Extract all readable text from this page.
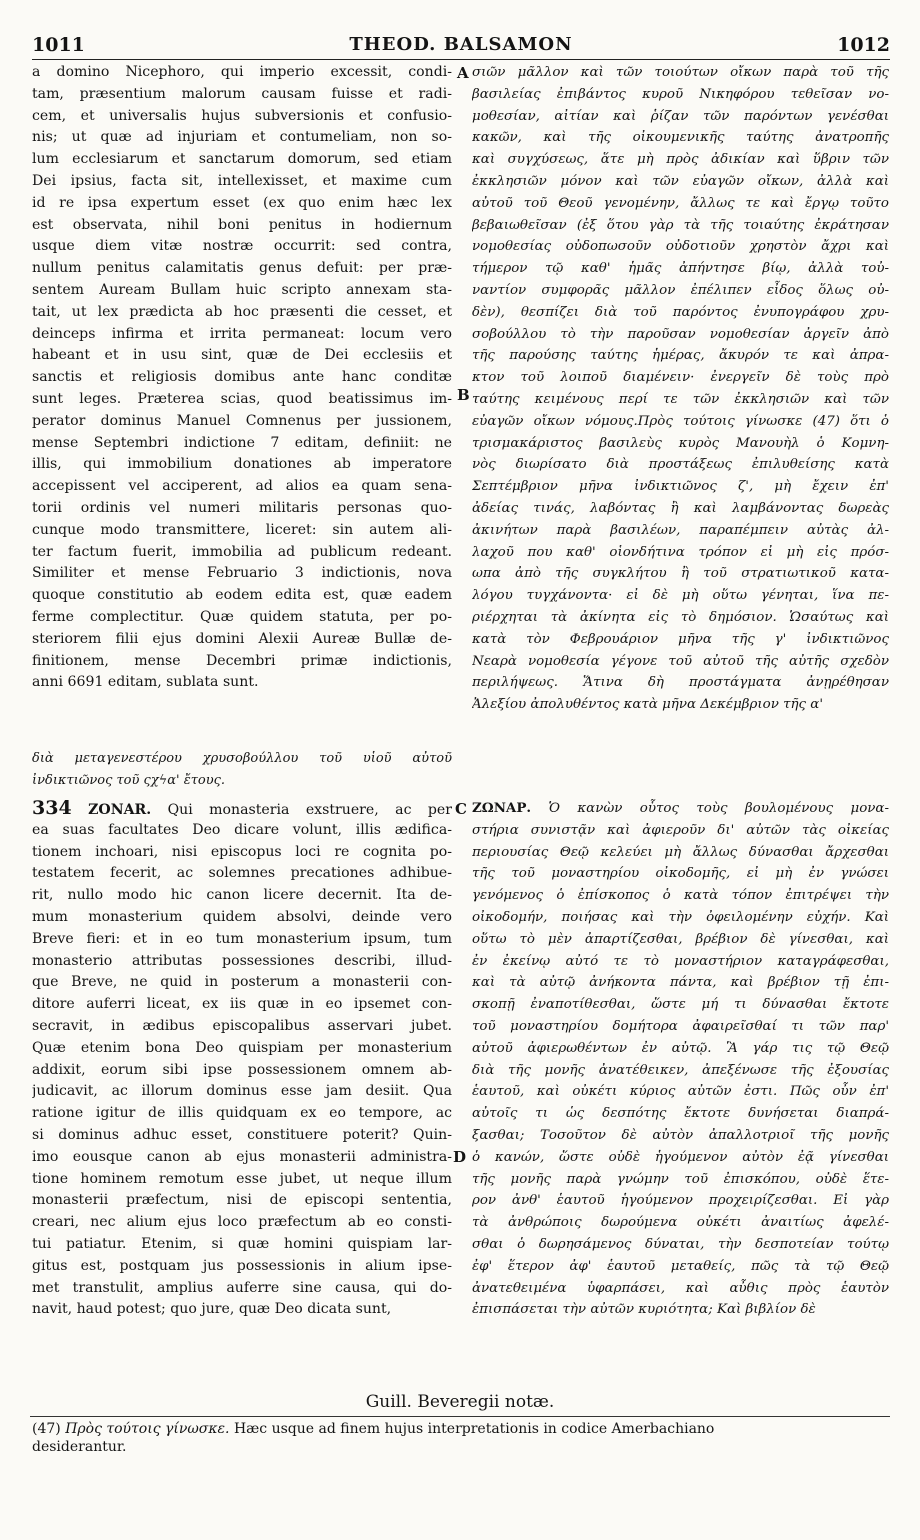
1011	THEOD. BALSAMON	1012
A
B
C
D
a domino Nicephoro, qui imperio excessit, condi-
tam, præsentium malorum causam fuisse et radi-
cem, et universalis hujus subversionis et confusio-
nis; ut quæ ad injuriam et contumeliam, non so-
lum ecclesiarum et sanctarum domorum, sed etiam
Dei ipsius, facta sit, intellexisset, et maxime cum
id re ipsa expertum esset (ex quo enim hæc lex
est observata, nihil boni penitus in hodiernum
usque diem vitæ nostræ occurrit: sed contra,
nullum penitus calamitatis genus defuit: per præ-
sentem Auream Bullam huic scripto annexam sta-
tait, ut lex prædicta ab hoc præsenti die cesset, et
deinceps infirma et irrita permaneat: locum vero
habeant et in usu sint, quæ de Dei ecclesiis et
sanctis et religiosis domibus ante hanc conditæ
sunt leges. Præterea scias, quod beatissimus im-
perator dominus Manuel Comnenus per jussionem,
mense Septembri indictione 7 editam, definiit: ne
illis, qui immobilium donationes ab imperatore
accepissent vel acciperent, ad alios ea quam sena-
torii ordinis vel numeri militaris personas quo-
cunque modo transmittere, liceret: sin autem ali-
ter factum fuerit, immobilia ad publicum redeant.
Similiter et mense Februario 3 indictionis, nova
quoque constitutio ab eodem edita est, quæ eadem
ferme complectitur. Quæ quidem statuta, per po-
steriorem filii ejus domini Alexii Aureæ Bullæ de-
finitionem, mense Decembri primæ indictionis,
anni 6691 editam, sublata sunt.
σιῶν μᾶλλον καὶ τῶν τοιούτων οἴκων παρὰ τοῦ τῆς
βασιλείας ἐπιβάντος κυροῦ Νικηφόρου τεθεῖσαν νο-
μοθεσίαν, αἰτίαν καὶ ῥίζαν τῶν παρόντων γενέσθαι
κακῶν, καὶ τῆς οἰκουμενικῆς ταύτης ἀνατροπῆς
καὶ συγχύσεως, ἅτε μὴ πρὸς ἀδικίαν καὶ ὕβριν τῶν
ἐκκλησιῶν μόνον καὶ τῶν εὐαγῶν οἴκων, ἀλλὰ καὶ
αὐτοῦ τοῦ Θεοῦ γενομένην, ἄλλως τε καὶ ἔργῳ τοῦτο
βεβαιωθεῖσαν (ἐξ ὅτου γὰρ τὰ τῆς τοιαύτης ἐκράτησαν
νομοθεσίας οὐδοπωσοῦν οὐδοτιοῦν χρηστὸν ἄχρι καὶ
τήμερον τῷ καθ' ἡμᾶς ἀπήντησε βίῳ, ἀλλὰ τοὐ-
ναντίον συμφορᾶς μᾶλλον ἐπέλιπεν εἶδος ὅλως οὐ-
δὲν), θεσπίζει διὰ τοῦ παρόντος ἐνυπογράφου χρυ-
σοβούλλου τὸ τὴν παροῦσαν νομοθεσίαν ἀργεῖν ἀπὸ
τῆς παρούσης ταύτης ἡμέρας, ἄκυρόν τε καὶ ἀπρα-
κτον τοῦ λοιποῦ διαμένειν· ἐνεργεῖν δὲ τοὺς πρὸ
ταύτης κειμένους περί τε τῶν ἐκκλησιῶν καὶ τῶν
εὐαγῶν οἴκων νόμους.Πρὸς τούτοις γίνωσκε (47) ὅτι ὁ
τρισμακάριστος βασιλεὺς κυρὸς Μανουὴλ ὁ Κομνη-
νὸς διωρίσατο διὰ προστάξεως ἐπιλυθείσης κατὰ
Σεπτέμβριον μῆνα ἰνδικτιῶνος ζ', μὴ ἔχειν ἐπ'
ἀδείας τινάς, λαβόντας ἢ καὶ λαμβάνοντας δωρεὰς
ἀκινήτων παρὰ βασιλέων, παραπέμπειν αὐτὰς ἀλ-
λαχοῦ που καθ' οἱονδήτινα τρόπον εἰ μὴ εἰς πρόσ-
ωπα ἀπὸ τῆς συγκλήτου ἢ τοῦ στρατιωτικοῦ κατα-
λόγου τυγχάνοντα· εἰ δὲ μὴ οὕτω γένηται, ἵνα πε-
ριέρχηται τὰ ἀκίνητα εἰς τὸ δημόσιον. Ὡσαύτως καὶ
κατὰ τὸν Φεβρουάριον μῆνα τῆς γ' ἰνδικτιῶνος
Νεαρὰ νομοθεσία γέγονε τοῦ αὐτοῦ τῆς αὐτῆς σχεδὸν
περιλήψεως. Ἅτινα δὴ προστάγματα ἀνῃρέθησαν
Ἀλεξίου ἀπολυθέντος κατὰ μῆνα Δεκέμβριον τῆς α'
διὰ μεταγενεστέρου χρυσοβούλλου τοῦ υἱοῦ αὐτοῦ
ἰνδικτιῶνος τοῦ ςχϟα' ἔτους.
334 ZONAR. Qui monasteria exstruere, ac per
ea suas facultates Deo dicare volunt, illis ædifica-
tionem inchoari, nisi episcopus loci re cognita po-
testatem fecerit, ac solemnes precationes adhibue-
rit, nullo modo hic canon licere decernit. Ita de-
mum monasterium quidem absolvi, deinde vero
Breve fieri: et in eo tum monasterium ipsum, tum
monasterio attributas possessiones describi, illud-
que Breve, ne quid in posterum a monasterii con-
ditore auferri liceat, ex iis quæ in eo ipsemet con-
secravit, in ædibus episcopalibus asservari jubet.
Quæ etenim bona Deo quispiam per monasterium
addixit, eorum sibi ipse possessionem omnem ab-
judicavit, ac illorum dominus esse jam desiit. Qua
ratione igitur de illis quidquam ex eo tempore, ac
si dominus adhuc esset, constituere poterit? Quin-
imo eousque canon ab ejus monasterii administra-
tione hominem remotum esse jubet, ut neque illum
monasterii præfectum, nisi de episcopi sententia,
creari, nec alium ejus loco præfectum ab eo consti-
tui patiatur. Etenim, si quæ homini quispiam lar-
gitus est, postquam jus possessionis in alium ipse-
met transtulit, amplius auferre sine causa, qui do-
navit, haud potest; quo jure, quæ Deo dicata sunt,
ΖΩΝΑΡ. Ὁ κανὼν οὗτος τοὺς βουλομένους μονα-
στήρια συνιστᾷν καὶ ἀφιεροῦν δι' αὐτῶν τὰς οἰκείας
περιουσίας Θεῷ κελεύει μὴ ἄλλως δύνασθαι ἄρχεσθαι
τῆς τοῦ μοναστηρίου οἰκοδομῆς, εἰ μὴ ἐν γνώσει
γενόμενος ὁ ἐπίσκοπος ὁ κατὰ τόπον ἐπιτρέψει τὴν
οἰκοδομήν, ποιήσας καὶ τὴν ὀφειλομένην εὐχήν. Καὶ
οὕτω τὸ μὲν ἀπαρτίζεσθαι, βρέβιον δὲ γίνεσθαι, καὶ
ἐν ἐκείνῳ αὐτό τε τὸ μοναστήριον καταγράφεσθαι,
καὶ τὰ αὐτῷ ἀνήκοντα πάντα, καὶ βρέβιον τῇ ἐπι-
σκοπῇ ἐναποτίθεσθαι, ὥστε μή τι δύνασθαι ἔκτοτε
τοῦ μοναστηρίου δομήτορα ἀφαιρεῖσθαί τι τῶν παρ'
αὐτοῦ ἀφιερωθέντων ἐν αὐτῷ. Ἃ γάρ τις τῷ Θεῷ
διὰ τῆς μονῆς ἀνατέθεικεν, ἀπεξένωσε τῆς ἐξουσίας
ἑαυτοῦ, καὶ οὐκέτι κύριος αὐτῶν ἐστι. Πῶς οὖν ἐπ'
αὐτοῖς τι ὡς δεσπότης ἔκτοτε δυνήσεται διαπρά-
ξασθαι; Τοσοῦτον δὲ αὐτὸν ἀπαλλοτριοῖ τῆς μονῆς
ὁ κανών, ὥστε οὐδὲ ἡγούμενον αὐτὸν ἐᾷ γίνεσθαι
τῆς μονῆς παρὰ γνώμην τοῦ ἐπισκόπου, οὐδὲ ἕτε-
ρον ἀνθ' ἑαυτοῦ ἡγούμενον προχειρίζεσθαι. Εἰ γὰρ
τὰ ἀνθρώποις δωρούμενα οὐκέτι ἀναιτίως ἀφελέ-
σθαι ὁ δωρησάμενος δύναται, τὴν δεσποτείαν τούτῳ
ἐφ' ἕτερον ἀφ' ἑαυτοῦ μεταθείς, πῶς τὰ τῷ Θεῷ
ἀνατεθειμένα ὑφαρπάσει, καὶ αὖθις πρὸς ἑαυτὸν
ἐπισπάσεται τὴν αὐτῶν κυριότητα; Καὶ βιβλίον δὲ
Guill. Beveregii notæ.
(47) Πρὸς τούτοις γίνωσκε. Hæc usque ad finem hujus interpretationis in codice Amerbachiano
desiderantur.
